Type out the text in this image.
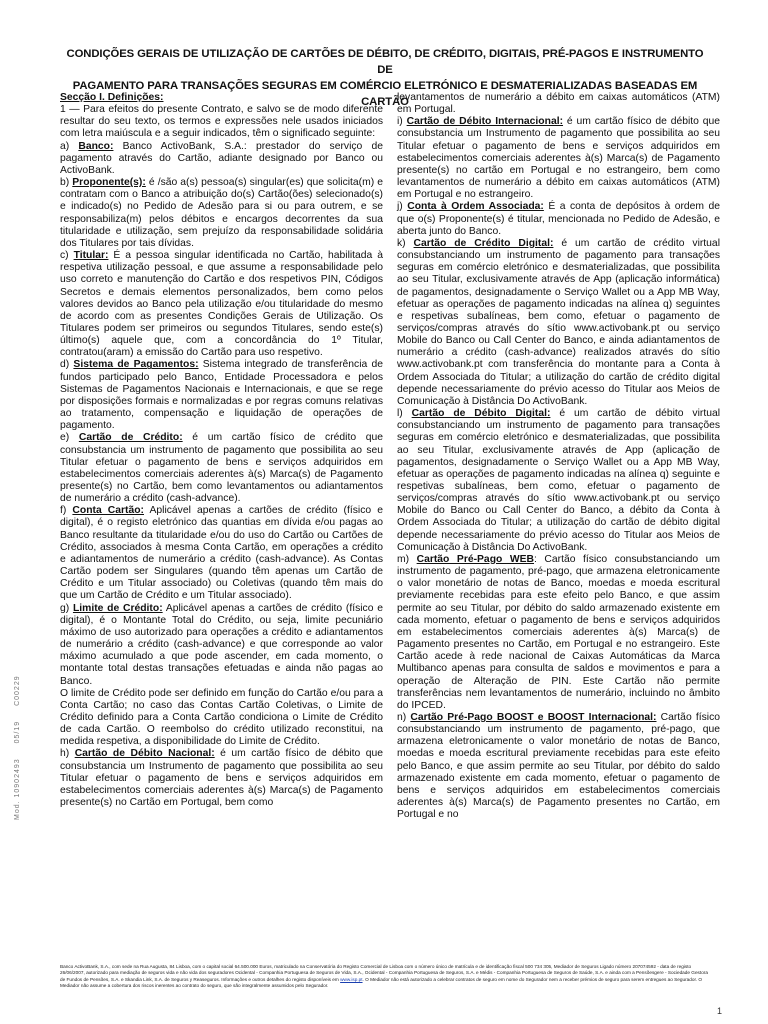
CONDIÇÕES GERAIS DE UTILIZAÇÃO DE CARTÕES DE DÉBITO, DE CRÉDITO, DIGITAIS, PRÉ-PAGOS E INSTRUMENTO DE
PAGAMENTO PARA TRANSAÇÕES SEGURAS EM COMÉRCIO ELETRÓNICO E DESMATERIALIZADAS BASEADAS EM CARTÃO

Secção I. Definições:

1 — Para efeitos do presente Contrato, e salvo se de modo diferente resultar do seu texto, os termos e expressões nele usados iniciados com letra maiúscula e a seguir indicados, têm o significado seguinte:

a) Banco: Banco ActivoBank, S.A.: prestador do serviço de pagamento através do Cartão, adiante designado por Banco ou ActivoBank.

b) Proponente(s): é /são a(s) pessoa(s) singular(es) que solicita(m) e contratam com o Banco a atribuição do(s) Cartão(ões) selecionado(s) e indicado(s) no Pedido de Adesão para si ou para outrem, e se responsabiliza(m) pelos débitos e encargos decorrentes da sua titularidade e utilização, sem prejuízo da responsabilidade solidária dos Titulares por tais dívidas.

c) Titular: É a pessoa singular identificada no Cartão, habilitada à respetiva utilização pessoal, e que assume a responsabilidade pelo uso correto e manutenção do Cartão e dos respetivos PIN, Códigos Secretos e demais elementos personalizados, bem como pelos valores devidos ao Banco pela utilização e/ou titularidade do mesmo de acordo com as presentes Condições Gerais de Utilização. Os Titulares podem ser primeiros ou segundos Titulares, sendo este(s) último(s) aquele que, com a concordância do 1º Titular, contratou(aram) a emissão do Cartão para uso respetivo.

d) Sistema de Pagamentos: Sistema integrado de transferência de fundos participado pelo Banco, Entidade Processadora e pelos Sistemas de Pagamentos Nacionais e Internacionais, e que se rege por disposições formais e normalizadas e por regras comuns relativas ao tratamento, compensação e liquidação de operações de pagamento.

e) Cartão de Crédito: é um cartão físico de crédito que consubstancia um instrumento de pagamento que possibilita ao seu Titular efetuar o pagamento de bens e serviços adquiridos em estabelecimentos comerciais aderentes à(s) Marca(s) de Pagamento presente(s) no Cartão, bem como levantamentos ou adiantamentos de numerário a crédito (cash-advance).

f) Conta Cartão: Aplicável apenas a cartões de crédito (físico e digital), é o registo eletrónico das quantias em dívida e/ou pagas ao Banco resultante da titularidade e/ou do uso do Cartão ou Cartões de Crédito, associados à mesma Conta Cartão, em operações a crédito e adiantamentos de numerário a crédito (cash-advance). As Contas Cartão podem ser Singulares (quando têm apenas um Cartão de Crédito e um Titular associado) ou Coletivas (quando têm mais do que um Cartão de Crédito e um Titular associado).

g) Limite de Crédito: Aplicável apenas a cartões de crédito (físico e digital), é o Montante Total do Crédito, ou seja, limite pecuniário máximo de uso autorizado para operações a crédito e adiantamentos de numerário a crédito (cash-advance) e que corresponde ao valor máximo acumulado a que pode ascender, em cada momento, o montante total destas transações efetuadas e ainda não pagas ao Banco.

O limite de Crédito pode ser definido em função do Cartão e/ou para a Conta Cartão; no caso das Contas Cartão Coletivas, o Limite de Crédito definido para a Conta Cartão condiciona o Limite de Crédito de cada Cartão. O reembolso do crédito utilizado reconstitui, na medida respetiva, a disponibilidade do Limite de Crédito.

h) Cartão de Débito Nacional: é um cartão físico de débito que consubstancia um Instrumento de pagamento que possibilita ao seu Titular efetuar o pagamento de bens e serviços adquiridos em estabelecimentos comerciais aderentes à(s) Marca(s) de Pagamento presente(s) no Cartão em Portugal, bem como

levantamentos de numerário a débito em caixas automáticos (ATM) em Portugal.

i) Cartão de Débito Internacional: é um cartão físico de débito que consubstancia um Instrumento de pagamento que possibilita ao seu Titular efetuar o pagamento de bens e serviços adquiridos em estabelecimentos comerciais aderentes à(s) Marca(s) de Pagamento presente(s) no cartão em Portugal e no estrangeiro, bem como levantamentos de numerário a débito em caixas automáticos (ATM) em Portugal e no estrangeiro.

j) Conta à Ordem Associada: É a conta de depósitos à ordem de que o(s) Proponente(s) é titular, mencionada no Pedido de Adesão, e aberta junto do Banco.

k) Cartão de Crédito Digital: é um cartão de crédito virtual consubstanciando um instrumento de pagamento para transações seguras em comércio eletrónico e desmaterializadas, que possibilita ao seu Titular, exclusivamente através de App (aplicação informática) de pagamentos, designadamente o Serviço Wallet ou a App MB Way, efetuar as operações de pagamento indicadas na alínea q) seguintes e respetivas subalíneas, bem como, efetuar o pagamento de serviços/compras através do sítio www.activobank.pt ou serviço Mobile do Banco ou Call Center do Banco, e ainda adiantamentos de numerário a crédito (cash-advance) realizados através do sítio www.activobank.pt com transferência do montante para a Conta à Ordem Associada do Titular; a utilização do cartão de crédito digital depende necessariamente do prévio acesso do Titular aos Meios de Comunicação à Distância Do ActivoBank.

l) Cartão de Débito Digital: é um cartão de débito virtual consubstanciando um instrumento de pagamento para transações seguras em comércio eletrónico e desmaterializadas, que possibilita ao seu Titular, exclusivamente através de App (aplicação de pagamentos, designadamente o Serviço Wallet ou a App MB Way, efetuar as operações de pagamento indicadas na alínea q) seguinte e respetivas subalíneas, bem como, efetuar o pagamento de serviços/compras através do sítio www.activobank.pt ou serviço Mobile do Banco ou Call Center do Banco, a débito da Conta à Ordem Associada do Titular; a utilização do cartão de débito digital depende necessariamente do prévio acesso do Titular aos Meios de Comunicação à Distância Do ActivoBank.

m) Cartão Pré-Pago WEB: Cartão físico consubstanciando um instrumento de pagamento, pré-pago, que armazena eletronicamente o valor monetário de notas de Banco, moedas e moeda escritural previamente recebidas para este efeito pelo Banco, e que assim permite ao seu Titular, por débito do saldo armazenado existente em cada momento, efetuar o pagamento de bens e serviços adquiridos em estabelecimentos comerciais aderentes à(s) Marca(s) de Pagamento presentes no Cartão, em Portugal e no estrangeiro. Este Cartão acede à rede nacional de Caixas Automáticas da Marca Multibanco apenas para consulta de saldos e movimentos e para a operação de Alteração de PIN. Este Cartão não permite transferências nem levantamentos de numerário, incluindo no âmbito do IPCED.

n) Cartão Pré-Pago BOOST e BOOST Internacional: Cartão físico consubstanciando um instrumento de pagamento, pré-pago, que armazena eletronicamente o valor monetário de notas de Banco, moedas e moeda escritural previamente recebidas para este efeito pelo Banco, e que assim permite ao seu Titular, por débito do saldo armazenado existente em cada momento, efetuar o pagamento de bens e serviços adquiridos em estabelecimentos comerciais aderentes à(s) Marca(s) de Pagamento presentes no Cartão, em Portugal e no

Mod. 10902493 05/19 C00229
Banco ActivoBank, S.A., com sede na Rua Augusta, 84 Lisboa, com o capital social 64.500.000 Euros, matriculado na Conservatória do Registo Comercial de Lisboa com o número único de matrícula e de identificação fiscal 500 734 305, Mediador de Seguros Ligado número 207074592 - data de registo 26/06/2007, autorizado para mediação de seguros vida e não vida dos seguradores Ocidental - Companhia Portuguesa de Seguros de Vida, S.A., Ocidental - Companhia Portuguesa de Seguros, S.A. e Médis - Companhia Portuguesa de Seguros de Saúde, S.A. e ainda com a Pensõesgere - Sociedade Gestora de Fundos de Pensões, S.A. e Skandia Link, S.A. de Seguros y Reaseguros. Informações e outros detalhes do registo disponíveis em www.isp.pt. O Mediador não está autorizado a celebrar contratos de seguro em nome do Segurador nem a receber prémios de seguro para serem entregues ao Segurador. O Mediador não assume a cobertura dos riscos inerentes ao contrato do seguro, que são integralmente assumidos pelo Segurador.
1
